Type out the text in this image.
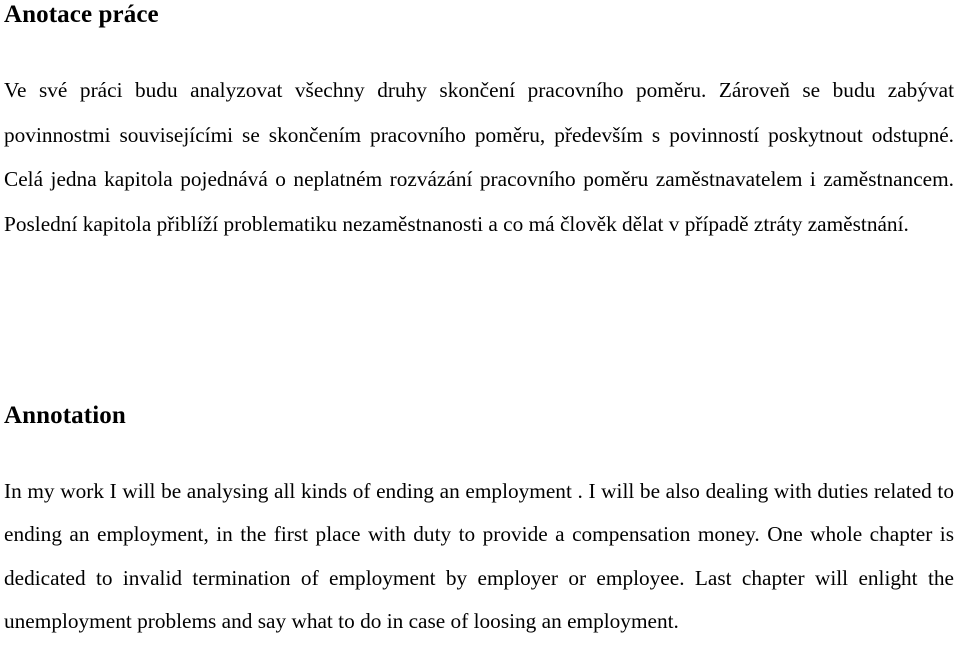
Anotace práce

Ve své práci budu analyzovat všechny druhy skončení pracovního poměru. Zároveň se budu zabývat povinnostmi souvisejícími se skončením pracovního poměru, především s povinností poskytnout odstupné. Celá jedna kapitola pojednává o neplatném rozvázání pracovního poměru zaměstnavatelem i zaměstnancem. Poslední kapitola přiblíží problematiku nezaměstnanosti a co má člověk dělat v případě ztráty zaměstnání.

Annotation

In my work I will be analysing all kinds of ending an employment . I will be also dealing with duties related to ending an employment, in the first place with duty to provide a compensation money. One whole chapter is dedicated to invalid termination of employment by employer or employee. Last chapter will enlight the unemployment problems and say what to do in case of loosing an employment.
